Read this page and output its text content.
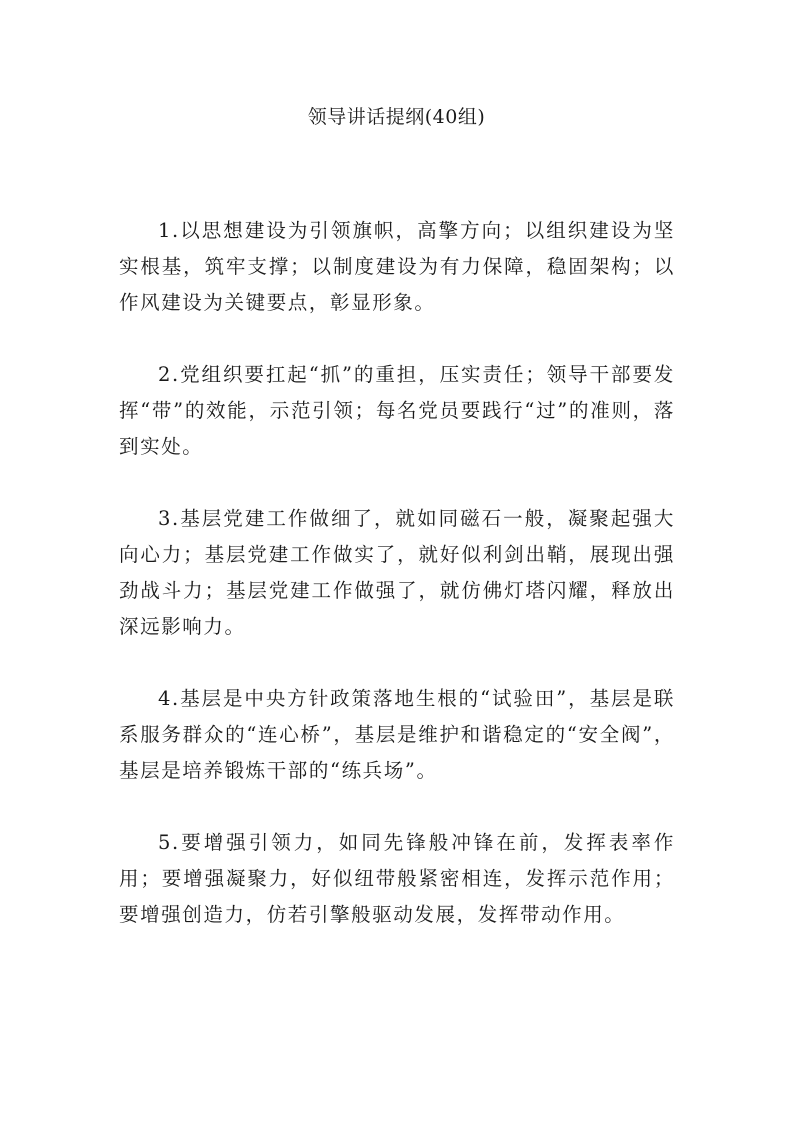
领导讲话提纲(40组)

1.以思想建设为引领旗帜，高擎方向；以组织建设为坚实根基，筑牢支撑；以制度建设为有力保障，稳固架构；以作风建设为关键要点，彰显形象。

2.党组织要扛起“抓”的重担，压实责任；领导干部要发挥“带”的效能，示范引领；每名党员要践行“过”的准则，落到实处。

3.基层党建工作做细了，就如同磁石一般，凝聚起强大向心力；基层党建工作做实了，就好似利剑出鞘，展现出强劲战斗力；基层党建工作做强了，就仿佛灯塔闪耀，释放出深远影响力。

4.基层是中央方针政策落地生根的“试验田”，基层是联系服务群众的“连心桥”，基层是维护和谐稳定的“安全阀”，基层是培养锻炼干部的“练兵场”。

5.要增强引领力，如同先锋般冲锋在前，发挥表率作用；要增强凝聚力，好似纽带般紧密相连，发挥示范作用；要增强创造力，仿若引擎般驱动发展，发挥带动作用。
